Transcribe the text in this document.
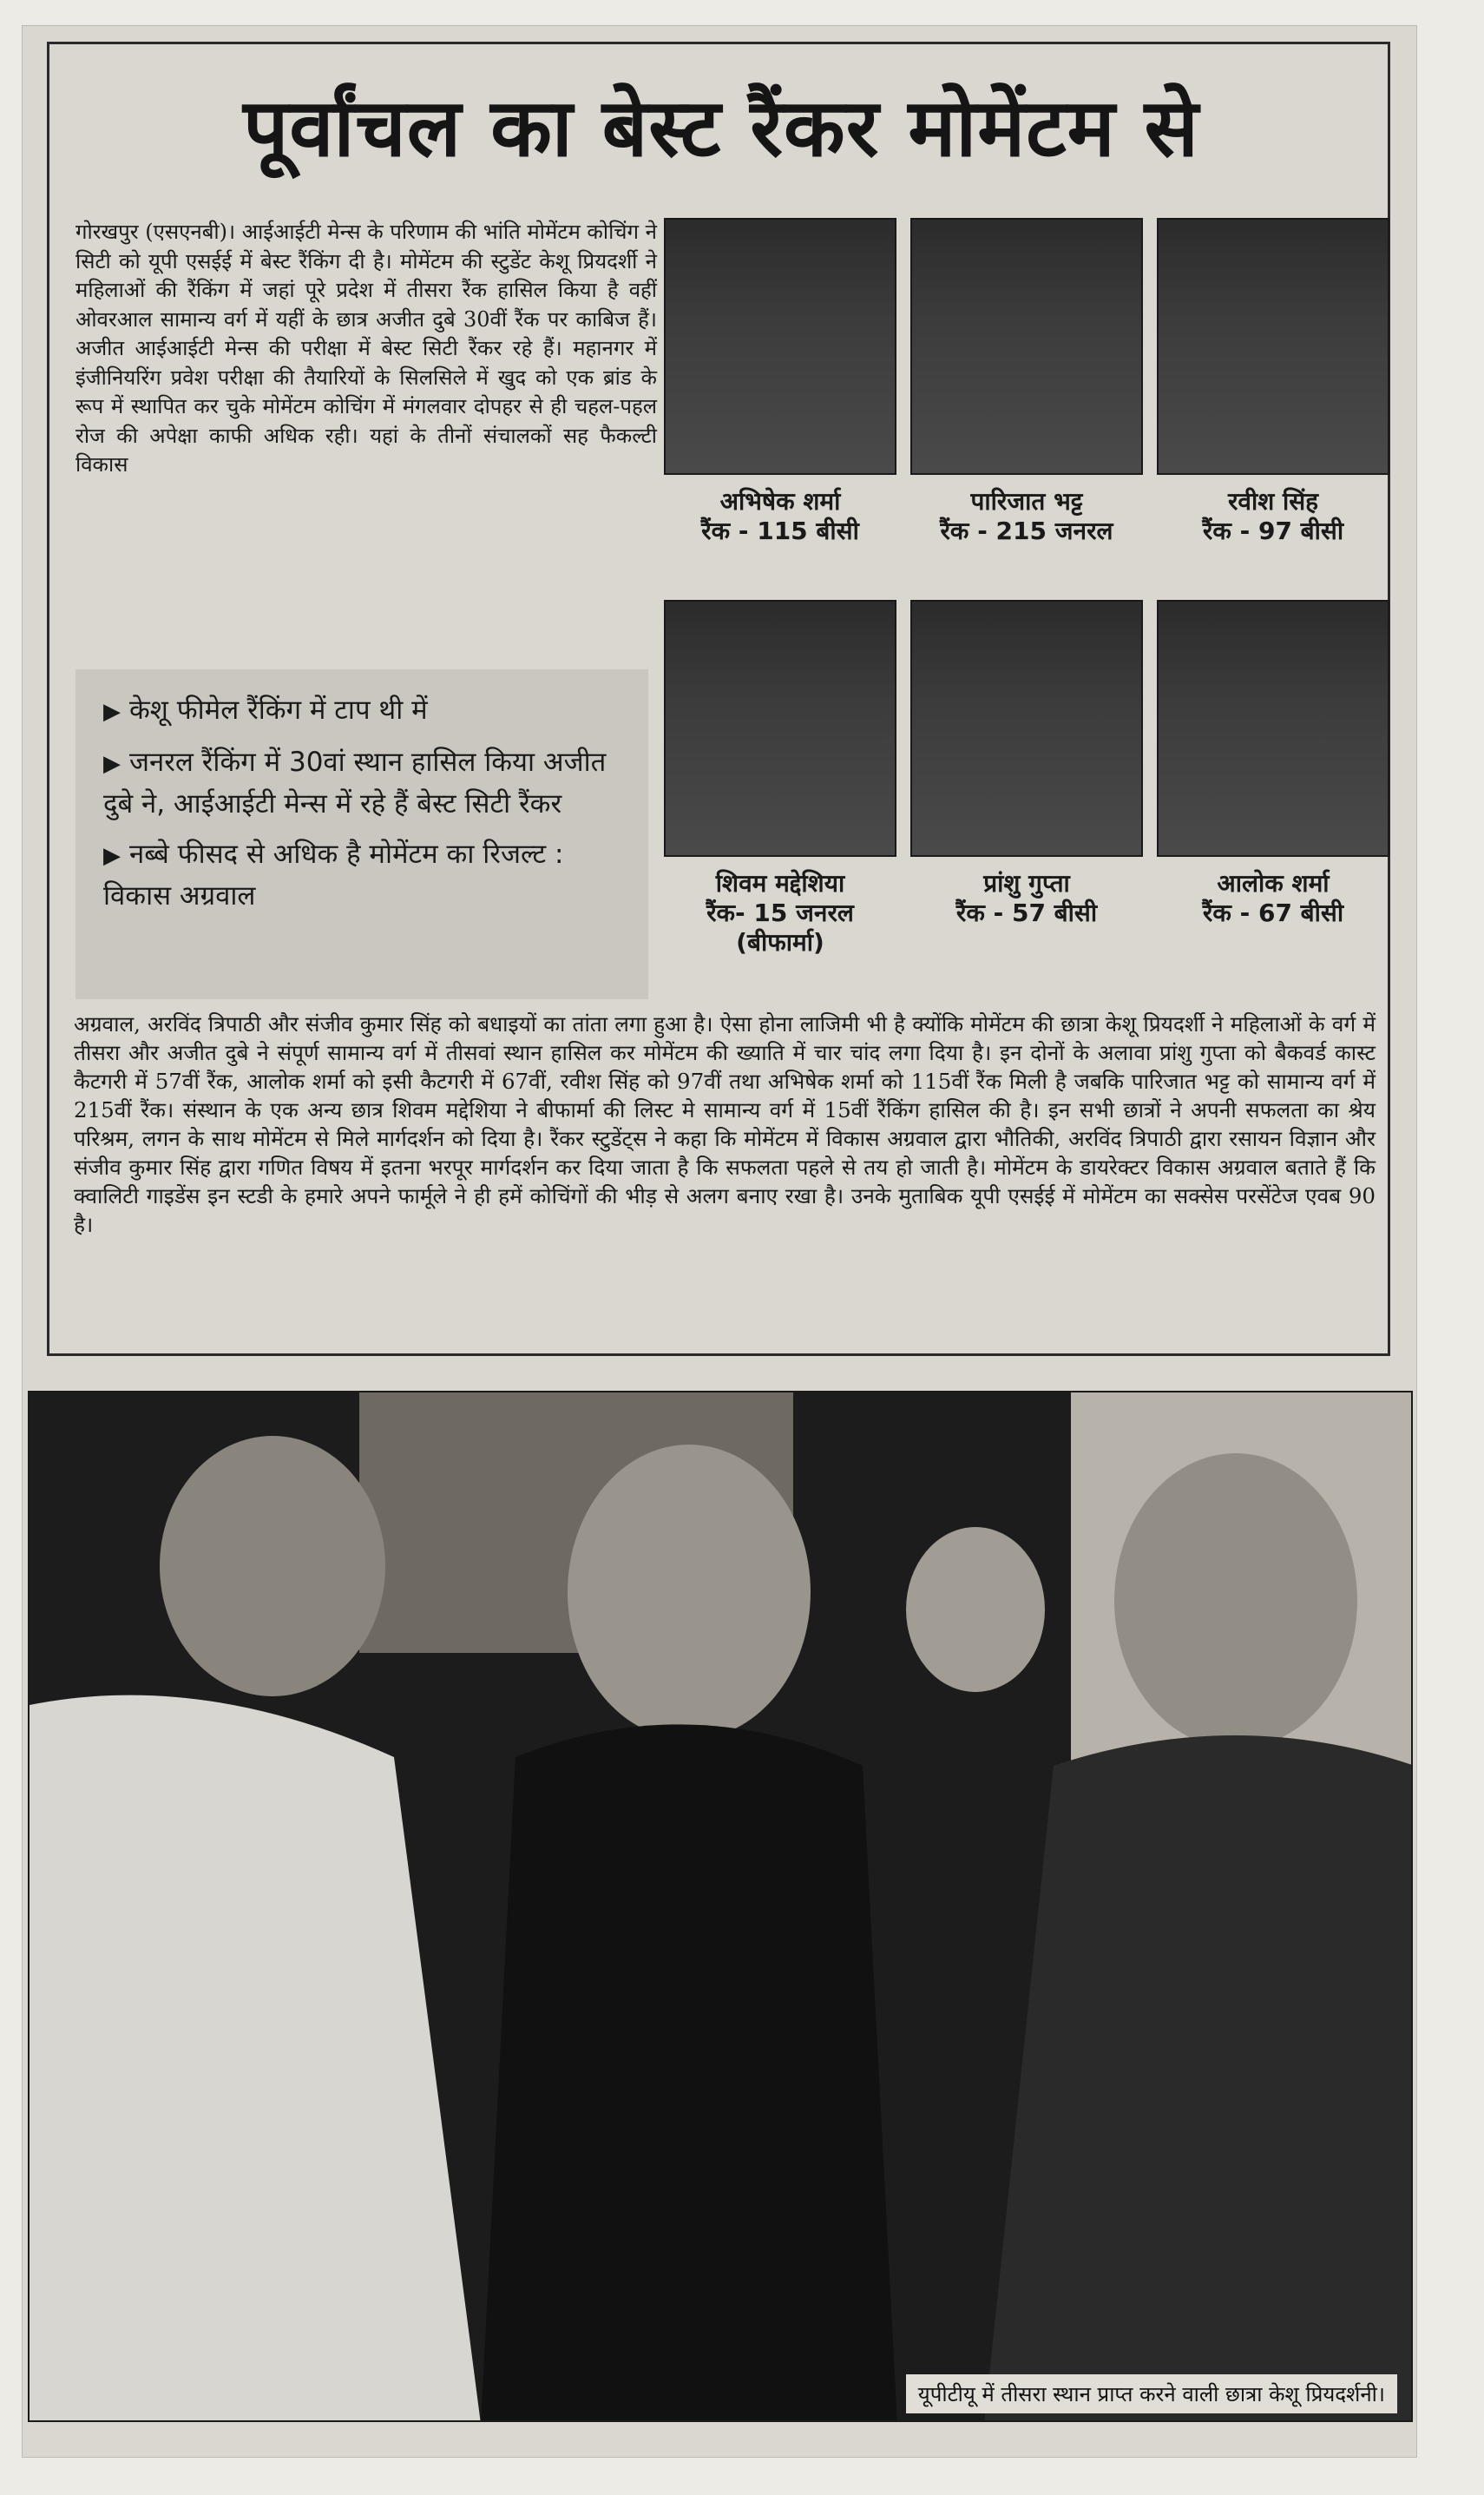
पूर्वांचल का बेस्ट रैंकर मोमेंटम से

गोरखपुर (एसएनबी)। आईआईटी मेन्स के परिणाम की भांति मोमेंटम कोचिंग ने सिटी को यूपी एसईई में बेस्ट रैंकिंग दी है। मोमेंटम की स्टुडेंट केशू प्रियदर्शी ने महिलाओं की रैंकिंग में जहां पूरे प्रदेश में तीसरा रैंक हासिल किया है वहीं ओवरआल सामान्य वर्ग में यहीं के छात्र अजीत दुबे 30वीं रैंक पर काबिज हैं। अजीत आईआईटी मेन्स की परीक्षा में बेस्ट सिटी रैंकर रहे हैं। महानगर में इंजीनियरिंग प्रवेश परीक्षा की तैयारियों के सिलसिले में खुद को एक ब्रांड के रूप में स्थापित कर चुके मोमेंटम कोचिंग में मंगलवार दोपहर से ही चहल-पहल रोज की अपेक्षा काफी अधिक रही। यहां के तीनों संचालकों सह फैकल्टी विकास

▶ केशू फीमेल रैंकिंग में टाप थी में
▶ जनरल रैंकिंग में 30वां स्थान हासिल किया अजीत दुबे ने, आईआईटी मेन्स में रहे हैं बेस्ट सिटी रैंकर
▶ नब्बे फीसद से अधिक है मोमेंटम का रिजल्ट : विकास अग्रवाल
अभिषेक शर्मा
रैंक - 115 बीसी
पारिजात भट्ट
रैंक - 215 जनरल
रवीश सिंह
रैंक - 97 बीसी
शिवम मद्देशिया
रैंक- 15 जनरल (बीफार्मा)
प्रांशु गुप्ता
रैंक - 57 बीसी
आलोक शर्मा
रैंक - 67 बीसी

अग्रवाल, अरविंद त्रिपाठी और संजीव कुमार सिंह को बधाइयों का तांता लगा हुआ है। ऐसा होना लाजिमी भी है क्योंकि मोमेंटम की छात्रा केशू प्रियदर्शी ने महिलाओं के वर्ग में तीसरा और अजीत दुबे ने संपूर्ण सामान्य वर्ग में तीसवां स्थान हासिल कर मोमेंटम की ख्याति में चार चांद लगा दिया है। इन दोनों के अलावा प्रांशु गुप्ता को बैकवर्ड कास्ट कैटगरी में 57वीं रैंक, आलोक शर्मा को इसी कैटगरी में 67वीं, रवीश सिंह को 97वीं तथा अभिषेक शर्मा को 115वीं रैंक मिली है जबकि पारिजात भट्ट को सामान्य वर्ग में 215वीं रैंक। संस्थान के एक अन्य छात्र शिवम मद्देशिया ने बीफार्मा की लिस्ट मे सामान्य वर्ग में 15वीं रैंकिंग हासिल की है। इन सभी छात्रों ने अपनी सफलता का श्रेय परिश्रम, लगन के साथ मोमेंटम से मिले मार्गदर्शन को दिया है। रैंकर स्टुडेंट्स ने कहा कि मोमेंटम में विकास अग्रवाल द्वारा भौतिकी, अरविंद त्रिपाठी द्वारा रसायन विज्ञान और संजीव कुमार सिंह द्वारा गणित विषय में इतना भरपूर मार्गदर्शन कर दिया जाता है कि सफलता पहले से तय हो जाती है। मोमेंटम के डायरेक्टर विकास अग्रवाल बताते हैं कि क्वालिटी गाइडेंस इन स्टडी के हमारे अपने फार्मूले ने ही हमें कोचिंगों की भीड़ से अलग बनाए रखा है। उनके मुताबिक यूपी एसईई में मोमेंटम का सक्सेस परसेंटेज एवब 90 है।

यूपीटीयू में तीसरा स्थान प्राप्त करने वाली छात्रा केशू प्रियदर्शनी।
